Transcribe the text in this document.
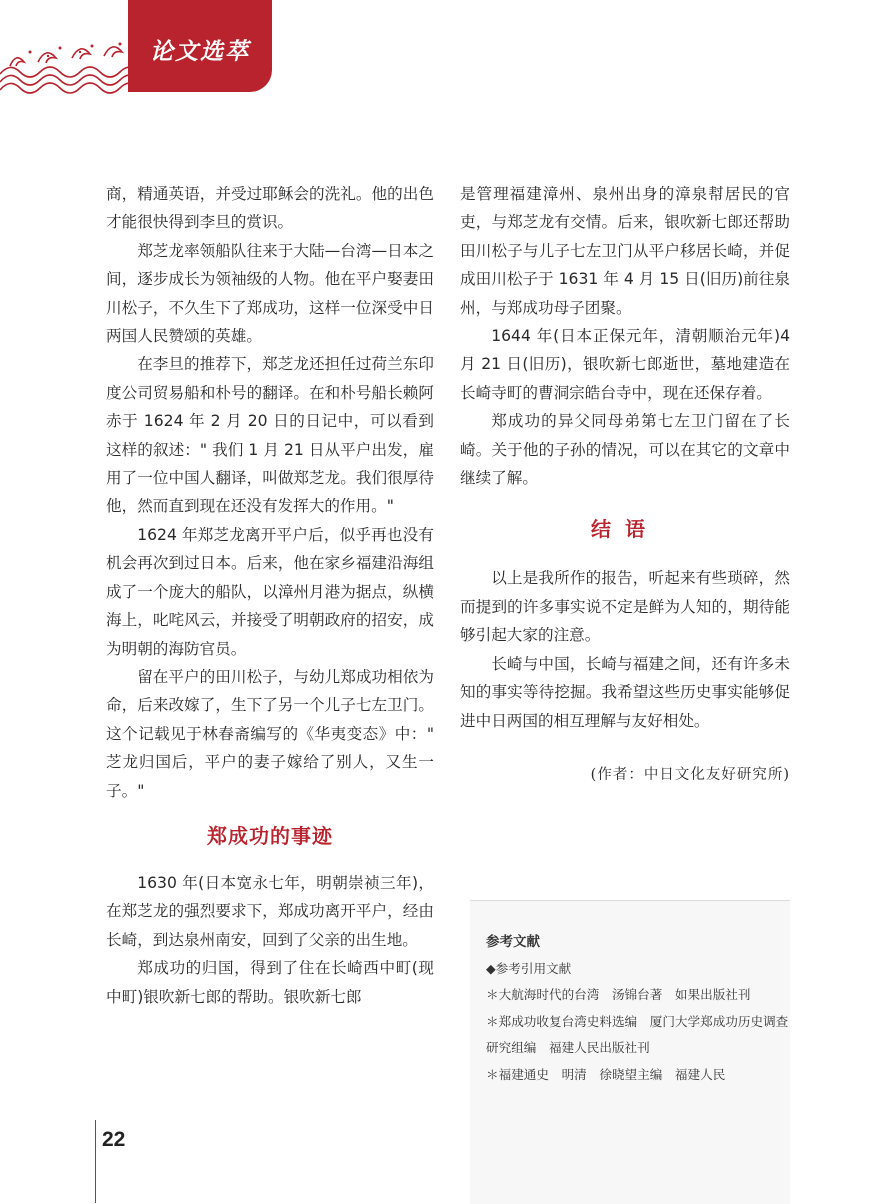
论文选萃

商，精通英语，并受过耶稣会的洗礼。他的出色才能很快得到李旦的赏识。

郑芝龙率领船队往来于大陆—台湾—日本之间，逐步成长为领袖级的人物。他在平户娶妻田川松子，不久生下了郑成功，这样一位深受中日两国人民赞颂的英雄。

在李旦的推荐下，郑芝龙还担任过荷兰东印度公司贸易船和朴号的翻译。在和朴号船长赖阿赤于 1624 年 2 月 20 日的日记中，可以看到这样的叙述：" 我们 1 月 21 日从平户出发，雇用了一位中国人翻译，叫做郑芝龙。我们很厚待他，然而直到现在还没有发挥大的作用。"

1624 年郑芝龙离开平户后，似乎再也没有机会再次到过日本。后来，他在家乡福建沿海组成了一个庞大的船队，以漳州月港为据点，纵横海上，叱咤风云，并接受了明朝政府的招安，成为明朝的海防官员。

留在平户的田川松子，与幼儿郑成功相依为命，后来改嫁了，生下了另一个儿子七左卫门。这个记载见于林春斋编写的《华夷变态》中：" 芝龙归国后，平户的妻子嫁给了别人，又生一子。"

郑成功的事迹

1630 年(日本宽永七年，明朝崇祯三年)，在郑芝龙的强烈要求下，郑成功离开平户，经由长崎，到达泉州南安，回到了父亲的出生地。

郑成功的归国，得到了住在长崎西中町(现中町)银吹新七郎的帮助。银吹新七郎

是管理福建漳州、泉州出身的漳泉幇居民的官吏，与郑芝龙有交情。后来，银吹新七郎还帮助田川松子与儿子七左卫门从平户移居长崎，并促成田川松子于 1631 年 4 月 15 日(旧历)前往泉州，与郑成功母子团聚。

1644 年(日本正保元年，清朝顺治元年)4 月 21 日(旧历)，银吹新七郎逝世，墓地建造在长崎寺町的曹洞宗皓台寺中，现在还保存着。

郑成功的异父同母弟第七左卫门留在了长崎。关于他的子孙的情况，可以在其它的文章中继续了解。

结语

以上是我所作的报告，听起来有些琐碎，然而提到的许多事实说不定是鲜为人知的，期待能够引起大家的注意。

长崎与中国，长崎与福建之间，还有许多未知的事实等待挖掘。我希望这些历史事实能够促进中日两国的相互理解与友好相处。

(作者：中日文化友好研究所)
参考文献
◆参考引用文献
＊大航海时代的台湾　汤锦台著　如果出版社刊
＊郑成功收复台湾史料选编　厦门大学郑成功历史调查研究组编　福建人民出版社刊
＊福建通史　明清　徐晓望主编　福建人民
22
